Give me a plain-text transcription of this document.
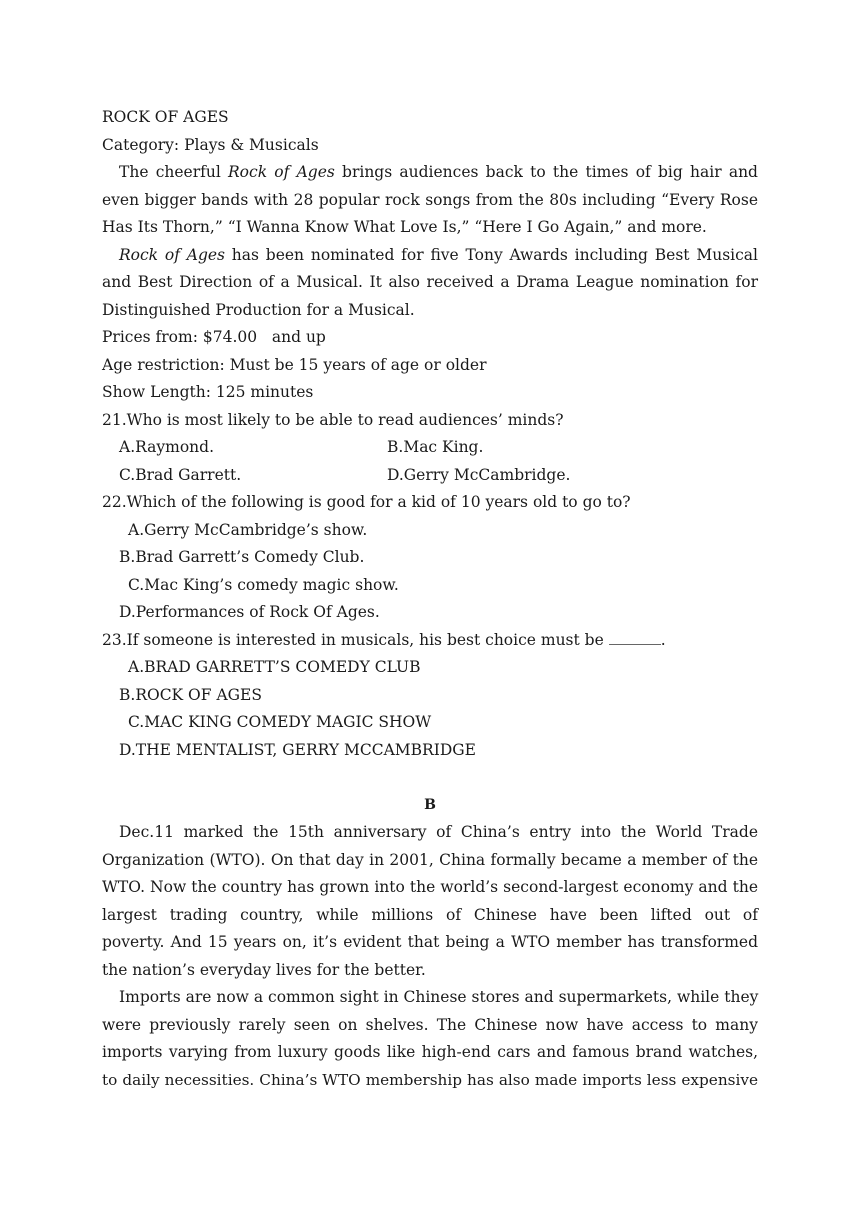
ROCK OF AGES
Category: Plays & Musicals
The cheerful Rock of Ages brings audiences back to the times of big hair and
even bigger bands with 28 popular rock songs from the 80s including “Every Rose
Has Its Thorn,” “I Wanna Know What Love Is,” “Here I Go Again,” and more.
Rock of Ages has been nominated for five Tony Awards including Best Musical
and Best Direction of a Musical. It also received a Drama League nomination for
Distinguished Production for a Musical.
Prices from: $74.00   and up
Age restriction: Must be 15 years of age or older
Show Length: 125 minutes
21.Who is most likely to be able to read audiences’ minds?
A.Raymond.	B.Mac King.
C.Brad Garrett.	D.Gerry McCambridge.
22.Which of the following is good for a kid of 10 years old to go to?
A.Gerry McCambridge’s show.
B.Brad Garrett’s Comedy Club.
C.Mac King’s comedy magic show.
D.Performances of Rock Of Ages.
23.If someone is interested in musicals, his best choice must be	.
A.BRAD GARRETT’S COMEDY CLUB
B.ROCK OF AGES
C.MAC KING COMEDY MAGIC SHOW
D.THE MENTALIST, GERRY MCCAMBRIDGE
B
Dec.11 marked the 15th anniversary of China’s entry into the World Trade
Organization (WTO). On that day in 2001, China formally became a member of the
WTO. Now the country has grown into the world’s second-largest economy and the
largest trading country, while millions of Chinese have been lifted out of
poverty. And 15 years on, it’s evident that being a WTO member has transformed
the nation’s everyday lives for the better.
Imports are now a common sight in Chinese stores and supermarkets, while they
were previously rarely seen on shelves. The Chinese now have access to many
imports varying from luxury goods like high-end cars and famous brand watches,
to daily necessities. China’s WTO membership has also made imports less expensive
